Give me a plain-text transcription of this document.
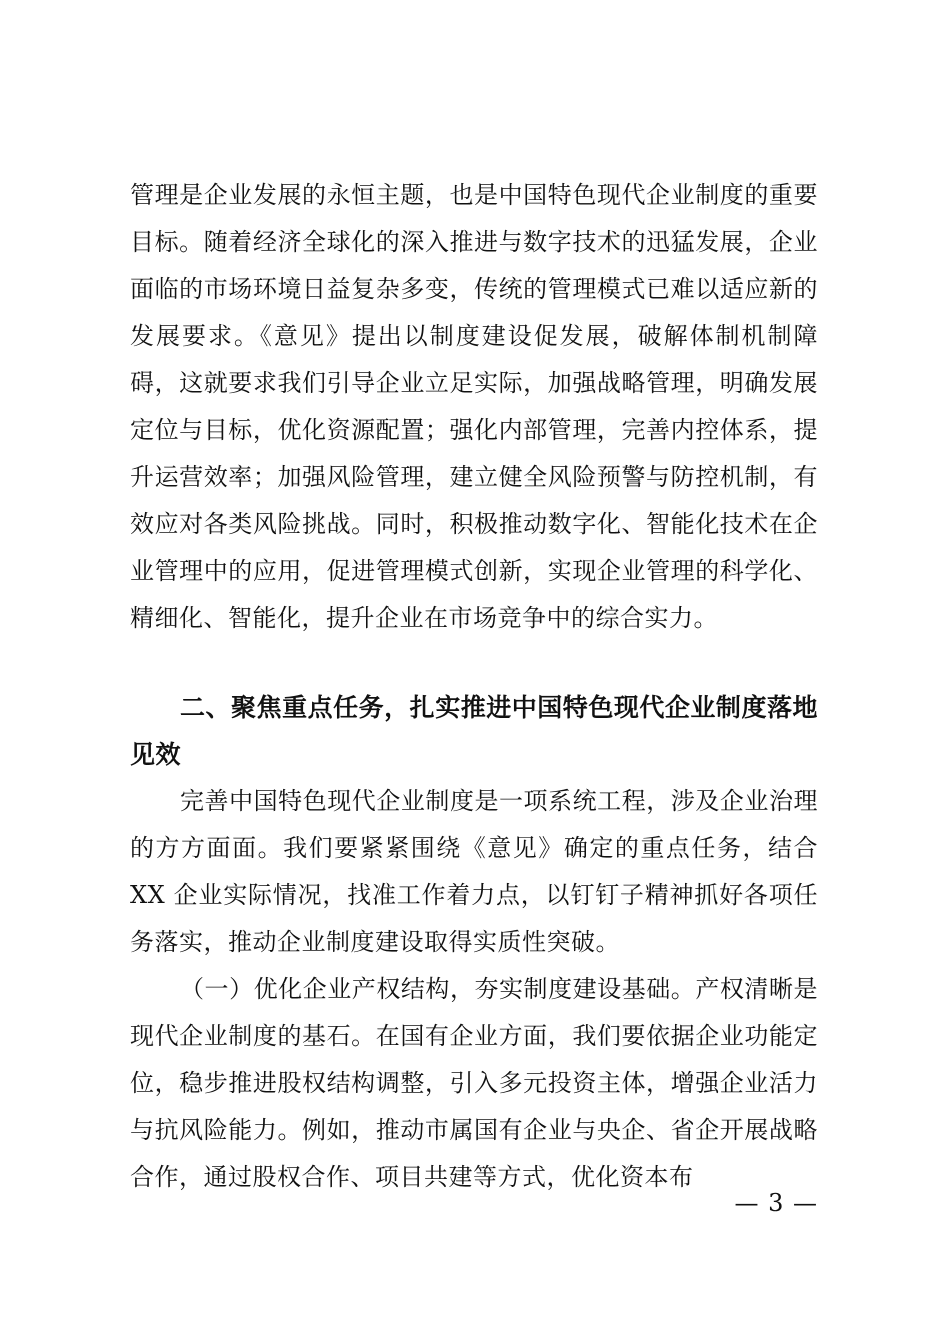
管理是企业发展的永恒主题，也是中国特色现代企业制度的重要目标。随着经济全球化的深入推进与数字技术的迅猛发展，企业面临的市场环境日益复杂多变，传统的管理模式已难以适应新的发展要求。《意见》提出以制度建设促发展，破解体制机制障碍，这就要求我们引导企业立足实际，加强战略管理，明确发展定位与目标，优化资源配置；强化内部管理，完善内控体系，提升运营效率；加强风险管理，建立健全风险预警与防控机制，有效应对各类风险挑战。同时，积极推动数字化、智能化技术在企业管理中的应用，促进管理模式创新，实现企业管理的科学化、精细化、智能化，提升企业在市场竞争中的综合实力。
二、聚焦重点任务，扎实推进中国特色现代企业制度落地见效
完善中国特色现代企业制度是一项系统工程，涉及企业治理的方方面面。我们要紧紧围绕《意见》确定的重点任务，结合 XX 企业实际情况，找准工作着力点，以钉钉子精神抓好各项任务落实，推动企业制度建设取得实质性突破。
（一）优化企业产权结构，夯实制度建设基础。产权清晰是现代企业制度的基石。在国有企业方面，我们要依据企业功能定位，稳步推进股权结构调整，引入多元投资主体，增强企业活力与抗风险能力。例如，推动市属国有企业与央企、省企开展战略合作，通过股权合作、项目共建等方式，优化资本布
— 3 —
